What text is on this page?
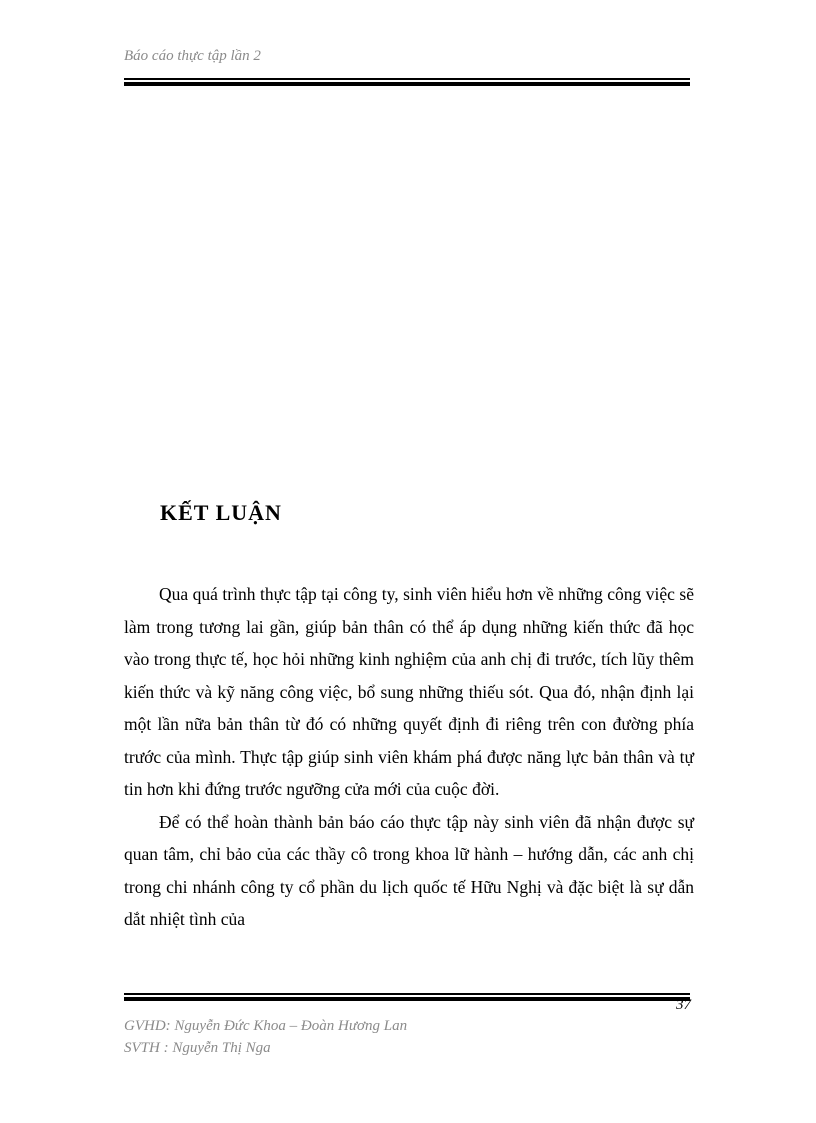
Báo cáo thực tập lần 2
KẾT LUẬN

Qua quá trình thực tập tại công ty, sinh viên hiểu hơn về những công việc sẽ làm trong tương lai gần, giúp bản thân có thể áp dụng những kiến thức đã học vào trong thực tế, học hỏi những kinh nghiệm của anh chị đi trước, tích lũy thêm kiến thức và kỹ năng công việc, bổ sung những thiếu sót. Qua đó, nhận định lại một lần nữa bản thân từ đó có những quyết định đi riêng trên con đường phía trước của mình. Thực tập giúp sinh viên khám phá được năng lực bản thân và tự tin hơn khi đứng trước ngưỡng cửa mới của cuộc đời.

Để có thể hoàn thành bản báo cáo thực tập này sinh viên đã nhận được sự quan tâm, chỉ bảo của các thầy cô trong khoa lữ hành – hướng dẫn, các anh chị trong chi nhánh công ty cổ phần du lịch quốc tế Hữu Nghị và đặc biệt là sự dẫn dắt nhiệt tình của

37
GVHD: Nguyễn Đức Khoa – Đoàn Hương Lan
SVTH : Nguyễn Thị Nga
